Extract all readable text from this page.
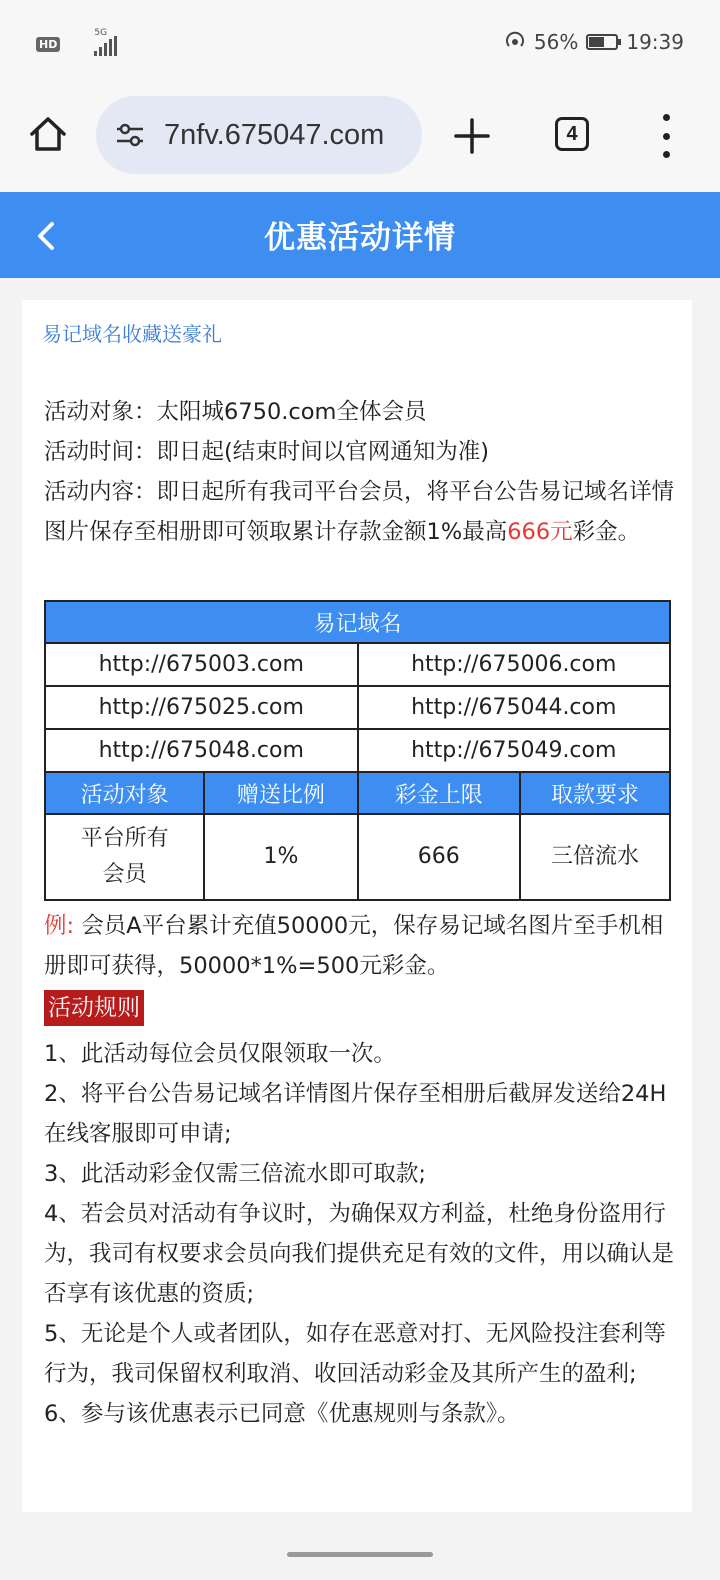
HD
5G	56% 19:39
7nfv.675047.com	4
优惠活动详情
易记域名收藏送豪礼

活动对象：太阳城6750.com全体会员

活动时间：即日起(结束时间以官网通知为准)

活动内容：即日起所有我司平台会员，将平台公告易记域名详情图片保存至相册即可领取累计存款金额1%最高666元彩金。

易记域名			
http://675003.com		http://675006.com	
http://675025.com		http://675044.com	
http://675048.com		http://675049.com	
活动对象	赠送比例	彩金上限	取款要求
平台所有会员	1%	666	三倍流水
例: 会员A平台累计充值50000元，保存易记域名图片至手机相册即可获得，50000*1%=500元彩金。
活动规则

1、此活动每位会员仅限领取一次。

2、将平台公告易记域名详情图片保存至相册后截屏发送给24H在线客服即可申请;

3、此活动彩金仅需三倍流水即可取款;

4、若会员对活动有争议时，为确保双方利益，杜绝身份盗用行为，我司有权要求会员向我们提供充足有效的文件，用以确认是否享有该优惠的资质;

5、无论是个人或者团队，如存在恶意对打、无风险投注套利等行为，我司保留权利取消、收回活动彩金及其所产生的盈利;

6、参与该优惠表示已同意《优惠规则与条款》。
